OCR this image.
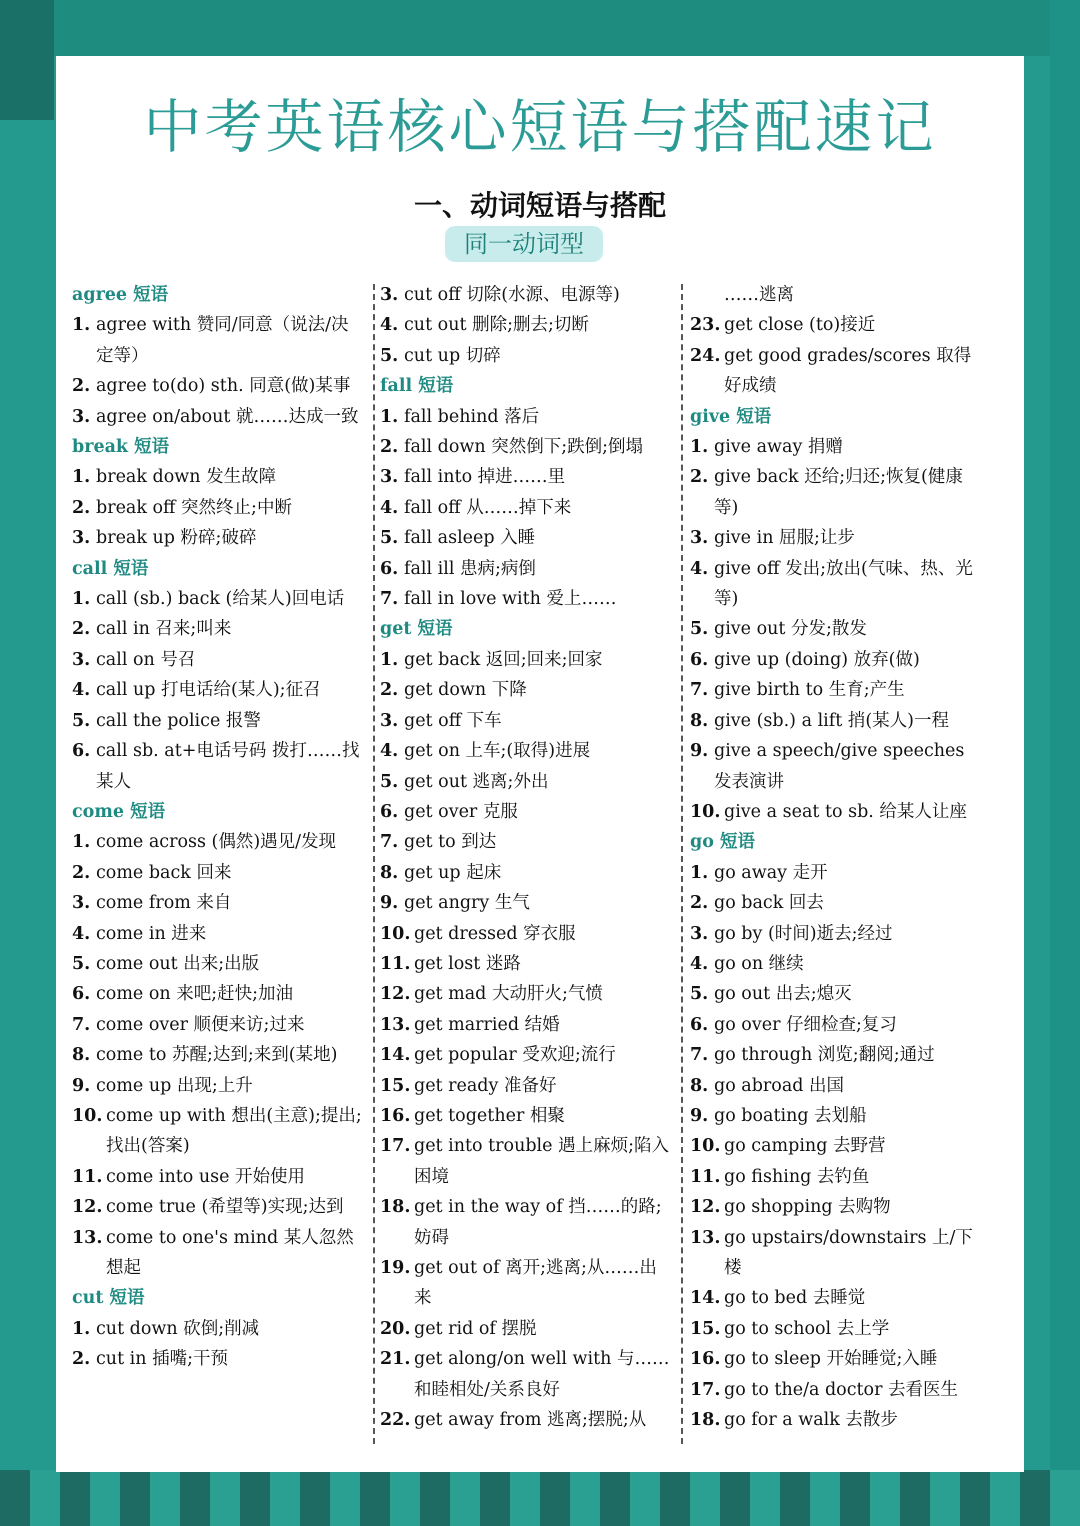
中考英语核心短语与搭配速记
一、动词短语与搭配
同一动词型
agree 短语
1. agree with 赞同/同意（说法/决定等）
2. agree to(do) sth. 同意(做)某事
3. agree on/about 就……达成一致
break 短语
1. break down 发生故障
2. break off 突然终止;中断
3. break up 粉碎;破碎
call 短语
1. call (sb.) back (给某人)回电话
2. call in 召来;叫来
3. call on 号召
4. call up 打电话给(某人);征召
5. call the police 报警
6. call sb. at+电话号码 拨打……找某人
come 短语
1. come across (偶然)遇见/发现
2. come back 回来
3. come from 来自
4. come in 进来
5. come out 出来;出版
6. come on 来吧;赶快;加油
7. come over 顺便来访;过来
8. come to 苏醒;达到;来到(某地)
9. come up 出现;上升
10. come up with 想出(主意);提出;找出(答案)
11. come into use 开始使用
12. come true (希望等)实现;达到
13. come to one's mind 某人忽然想起
cut 短语
1. cut down 砍倒;削减
2. cut in 插嘴;干预
3. cut off 切除(水源、电源等)
4. cut out 删除;删去;切断
5. cut up 切碎
fall 短语
1. fall behind 落后
2. fall down 突然倒下;跌倒;倒塌
3. fall into 掉进……里
4. fall off 从……掉下来
5. fall asleep 入睡
6. fall ill 患病;病倒
7. fall in love with 爱上……
get 短语
1. get back 返回;回来;回家
2. get down 下降
3. get off 下车
4. get on 上车;(取得)进展
5. get out 逃离;外出
6. get over 克服
7. get to 到达
8. get up 起床
9. get angry 生气
10. get dressed 穿衣服
11. get lost 迷路
12. get mad 大动肝火;气愤
13. get married 结婚
14. get popular 受欢迎;流行
15. get ready 准备好
16. get together 相聚
17. get into trouble 遇上麻烦;陷入困境
18. get in the way of 挡……的路;妨碍
19. get out of 离开;逃离;从……出来
20. get rid of 摆脱
21. get along/on well with 与……和睦相处/关系良好
22. get away from 逃离;摆脱;从
……逃离
23. get close (to)接近
24. get good grades/scores 取得好成绩
give 短语
1. give away 捐赠
2. give back 还给;归还;恢复(健康等)
3. give in 屈服;让步
4. give off 发出;放出(气味、热、光等)
5. give out 分发;散发
6. give up (doing) 放弃(做)
7. give birth to 生育;产生
8. give (sb.) a lift 捎(某人)一程
9. give a speech/give speeches 发表演讲
10. give a seat to sb. 给某人让座
go 短语
1. go away 走开
2. go back 回去
3. go by (时间)逝去;经过
4. go on 继续
5. go out 出去;熄灭
6. go over 仔细检查;复习
7. go through 浏览;翻阅;通过
8. go abroad 出国
9. go boating 去划船
10. go camping 去野营
11. go fishing 去钓鱼
12. go shopping 去购物
13. go upstairs/downstairs 上/下楼
14. go to bed 去睡觉
15. go to school 去上学
16. go to sleep 开始睡觉;入睡
17. go to the/a doctor 去看医生
18. go for a walk 去散步
